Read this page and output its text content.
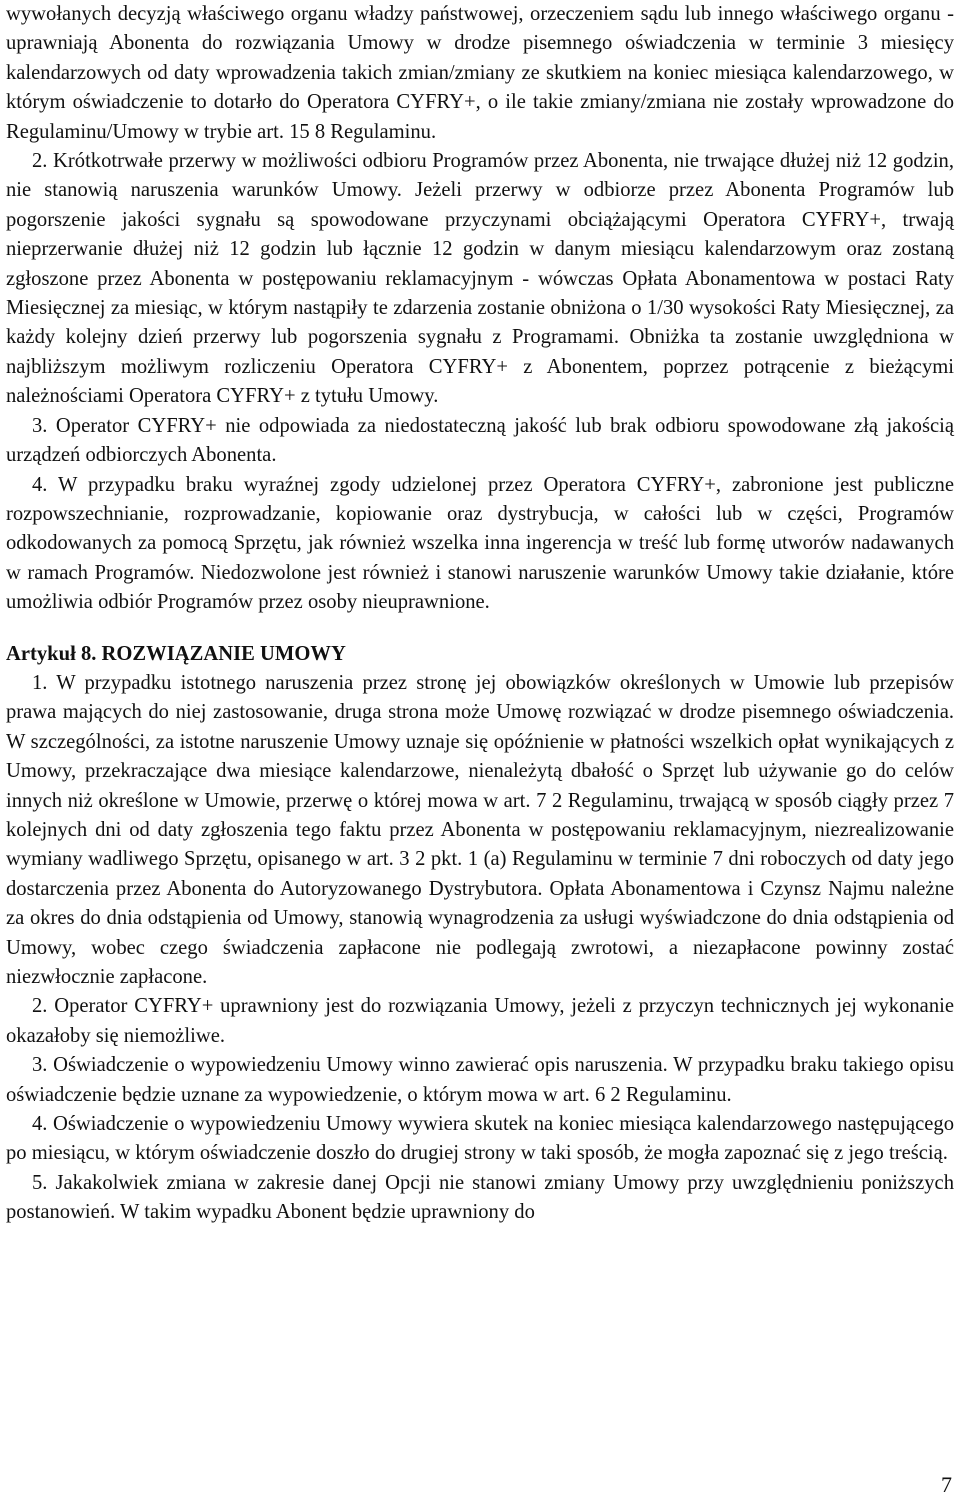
wywołanych decyzją właściwego organu władzy państwowej, orzeczeniem sądu lub innego właściwego organu - uprawniają Abonenta do rozwiązania Umowy w drodze pisemnego oświadczenia w terminie 3 miesięcy kalendarzowych od daty wprowadzenia takich zmian/zmiany ze skutkiem na koniec miesiąca kalendarzowego, w którym oświadczenie to dotarło do Operatora CYFRY+, o ile takie zmiany/zmiana nie zostały wprowadzone do Regulaminu/Umowy w trybie art. 15 8 Regulaminu.

2. Krótkotrwałe przerwy w możliwości odbioru Programów przez Abonenta, nie trwające dłużej niż 12 godzin, nie stanowią naruszenia warunków Umowy. Jeżeli przerwy w odbiorze przez Abonenta Programów lub pogorszenie jakości sygnału są spowodowane przyczynami obciążającymi Operatora CYFRY+, trwają nieprzerwanie dłużej niż 12 godzin lub łącznie 12 godzin w danym miesiącu kalendarzowym oraz zostaną zgłoszone przez Abonenta w postępowaniu reklamacyjnym - wówczas Opłata Abonamentowa w postaci Raty Miesięcznej za miesiąc, w którym nastąpiły te zdarzenia zostanie obniżona o 1/30 wysokości Raty Miesięcznej, za każdy kolejny dzień przerwy lub pogorszenia sygnału z Programami. Obniżka ta zostanie uwzględniona w najbliższym możliwym rozliczeniu Operatora CYFRY+ z Abonentem, poprzez potrącenie z bieżącymi należnościami Operatora CYFRY+ z tytułu Umowy.

3. Operator CYFRY+ nie odpowiada za niedostateczną jakość lub brak odbioru spowodowane złą jakością urządzeń odbiorczych Abonenta.

4. W przypadku braku wyraźnej zgody udzielonej przez Operatora CYFRY+, zabronione jest publiczne rozpowszechnianie, rozprowadzanie, kopiowanie oraz dystrybucja, w całości lub w części, Programów odkodowanych za pomocą Sprzętu, jak również wszelka inna ingerencja w treść lub formę utworów nadawanych w ramach Programów. Niedozwolone jest również i stanowi naruszenie warunków Umowy takie działanie, które umożliwia odbiór Programów przez osoby nieuprawnione.

Artykuł 8. ROZWIĄZANIE UMOWY

1. W przypadku istotnego naruszenia przez stronę jej obowiązków określonych w Umowie lub przepisów prawa mających do niej zastosowanie, druga strona może Umowę rozwiązać w drodze pisemnego oświadczenia. W szczególności, za istotne naruszenie Umowy uznaje się opóźnienie w płatności wszelkich opłat wynikających z Umowy, przekraczające dwa miesiące kalendarzowe, nienależytą dbałość o Sprzęt lub używanie go do celów innych niż określone w Umowie, przerwę o której mowa w art. 7 2 Regulaminu, trwającą w sposób ciągły przez 7 kolejnych dni od daty zgłoszenia tego faktu przez Abonenta w postępowaniu reklamacyjnym, niezrealizowanie wymiany wadliwego Sprzętu, opisanego w art. 3 2 pkt. 1 (a) Regulaminu w terminie 7 dni roboczych od daty jego dostarczenia przez Abonenta do Autoryzowanego Dystrybutora. Opłata Abonamentowa i Czynsz Najmu należne za okres do dnia odstąpienia od Umowy, stanowią wynagrodzenia za usługi wyświadczone do dnia odstąpienia od Umowy, wobec czego świadczenia zapłacone nie podlegają zwrotowi, a niezapłacone powinny zostać niezwłocznie zapłacone.

2. Operator CYFRY+ uprawniony jest do rozwiązania Umowy, jeżeli z przyczyn technicznych jej wykonanie okazałoby się niemożliwe.

3. Oświadczenie o wypowiedzeniu Umowy winno zawierać opis naruszenia. W przypadku braku takiego opisu oświadczenie będzie uznane za wypowiedzenie, o którym mowa w art. 6 2 Regulaminu.

4. Oświadczenie o wypowiedzeniu Umowy wywiera skutek na koniec miesiąca kalendarzowego następującego po miesiącu, w którym oświadczenie doszło do drugiej strony w taki sposób, że mogła zapoznać się z jego treścią.

5. Jakakolwiek zmiana w zakresie danej Opcji nie stanowi zmiany Umowy przy uwzględnieniu poniższych postanowień. W takim wypadku Abonent będzie uprawniony do

7
